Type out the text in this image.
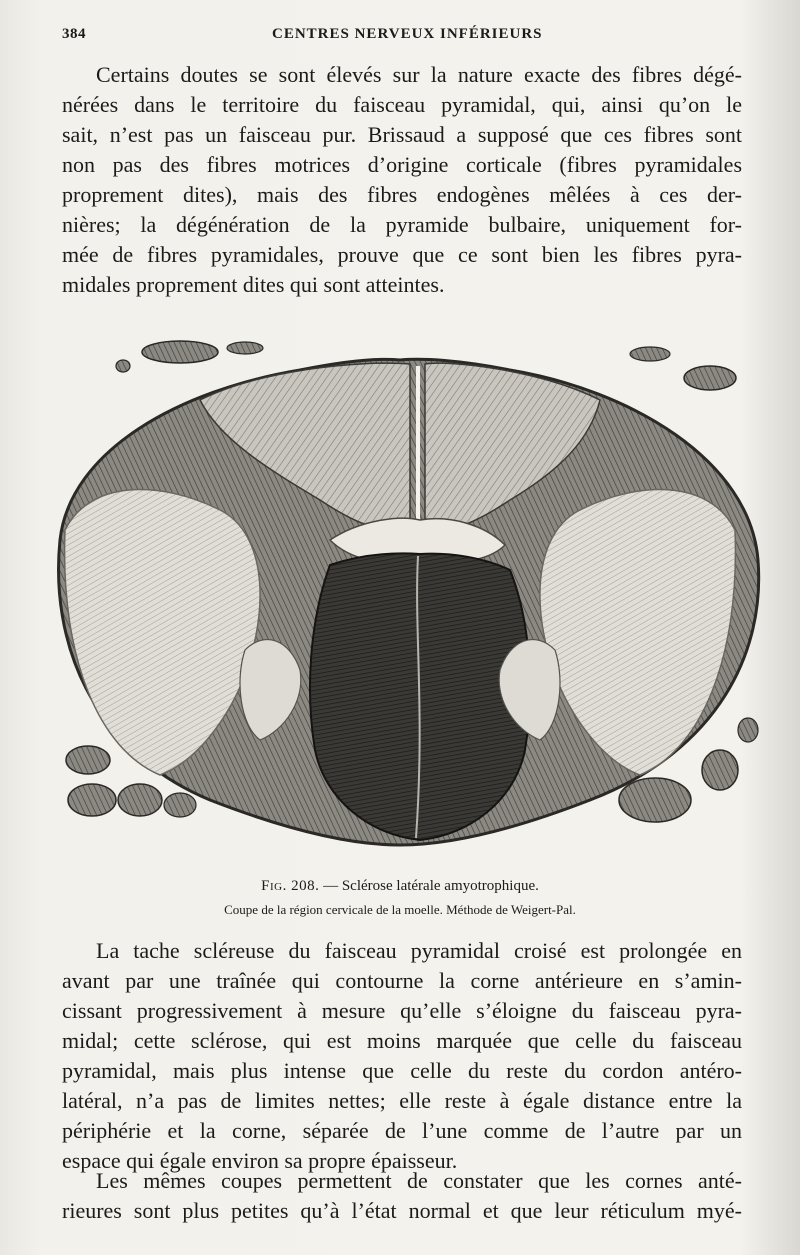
384	CENTRES NERVEUX INFÉRIEURS

Certains doutes se sont élevés sur la nature exacte des fibres dégé-
nérées dans le territoire du faisceau pyramidal, qui, ainsi qu’on le
sait, n’est pas un faisceau pur. Brissaud a supposé que ces fibres sont
non pas des fibres motrices d’origine corticale (fibres pyramidales
proprement dites), mais des fibres endogènes mêlées à ces der-
nières; la dégénération de la pyramide bulbaire, uniquement for-
mée de fibres pyramidales, prouve que ce sont bien les fibres pyra-
midales proprement dites qui sont atteintes.

Fig. 208. — Sclérose latérale amyotrophique.
Coupe de la région cervicale de la moelle. Méthode de Weigert-Pal.

La tache scléreuse du faisceau pyramidal croisé est prolongée en
avant par une traînée qui contourne la corne antérieure en s’amin-
cissant progressivement à mesure qu’elle s’éloigne du faisceau pyra-
midal; cette sclérose, qui est moins marquée que celle du faisceau
pyramidal, mais plus intense que celle du reste du cordon antéro-
latéral, n’a pas de limites nettes; elle reste à égale distance entre la
périphérie et la corne, séparée de l’une comme de l’autre par un
espace qui égale environ sa propre épaisseur.

Les mêmes coupes permettent de constater que les cornes anté-
rieures sont plus petites qu’à l’état normal et que leur réticulum myé-
